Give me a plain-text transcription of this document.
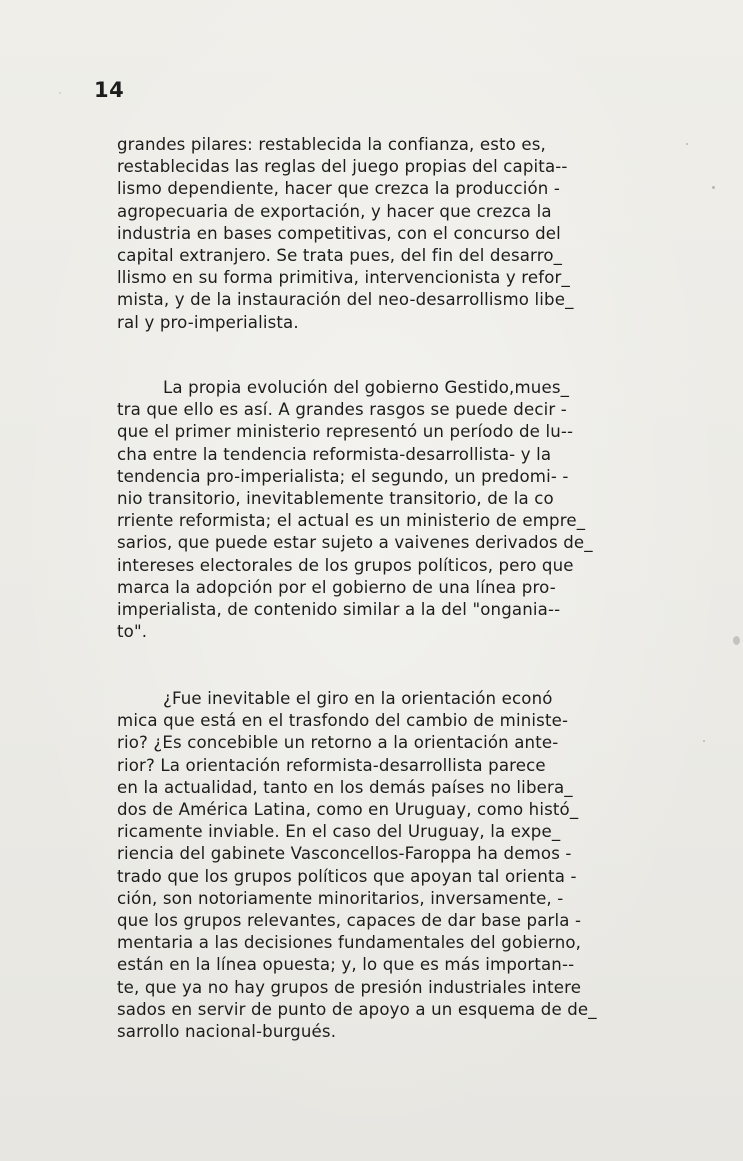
14
grandes pilares: restablecida la confianza, esto es,
restablecidas las reglas del juego propias del capita--
lismo dependiente, hacer que crezca la producción -
agropecuaria de exportación, y hacer que crezca la
industria en bases competitivas, con el concurso del
capital extranjero. Se trata pues, del fin del desarro_
llismo en su forma primitiva, intervencionista y refor_
mista, y de la instauración del neo-desarrollismo libe_
ral y pro-imperialista.
La propia evolución del gobierno Gestido,mues_
tra que ello es así. A grandes rasgos se puede decir -
que el primer ministerio representó un período de lu--
cha entre la tendencia reformista-desarrollista- y la
tendencia pro-imperialista; el segundo, un predomi- -
nio transitorio, inevitablemente transitorio, de la co
rriente reformista; el actual es un ministerio de empre_
sarios, que puede estar sujeto a vaivenes derivados de_
intereses electorales de los grupos políticos, pero que
marca la adopción por el gobierno de una línea pro-
imperialista, de contenido similar a la del "ongania--
to".
¿Fue inevitable el giro en la orientación econó
mica que está en el trasfondo del cambio de ministe-
rio? ¿Es concebible un retorno a la orientación ante-
rior? La orientación reformista-desarrollista parece
en la actualidad, tanto en los demás países no libera_
dos de América Latina, como en Uruguay, como histó_
ricamente inviable. En el caso del Uruguay, la expe_
riencia del gabinete Vasconcellos-Faroppa ha demos -
trado que los grupos políticos que apoyan tal orienta -
ción, son notoriamente minoritarios, inversamente, -
que los grupos relevantes, capaces de dar base parla -
mentaria a las decisiones fundamentales del gobierno,
están en la línea opuesta; y, lo que es más importan--
te, que ya no hay grupos de presión industriales intere
sados en servir de punto de apoyo a un esquema de de_
sarrollo nacional-burgués.
